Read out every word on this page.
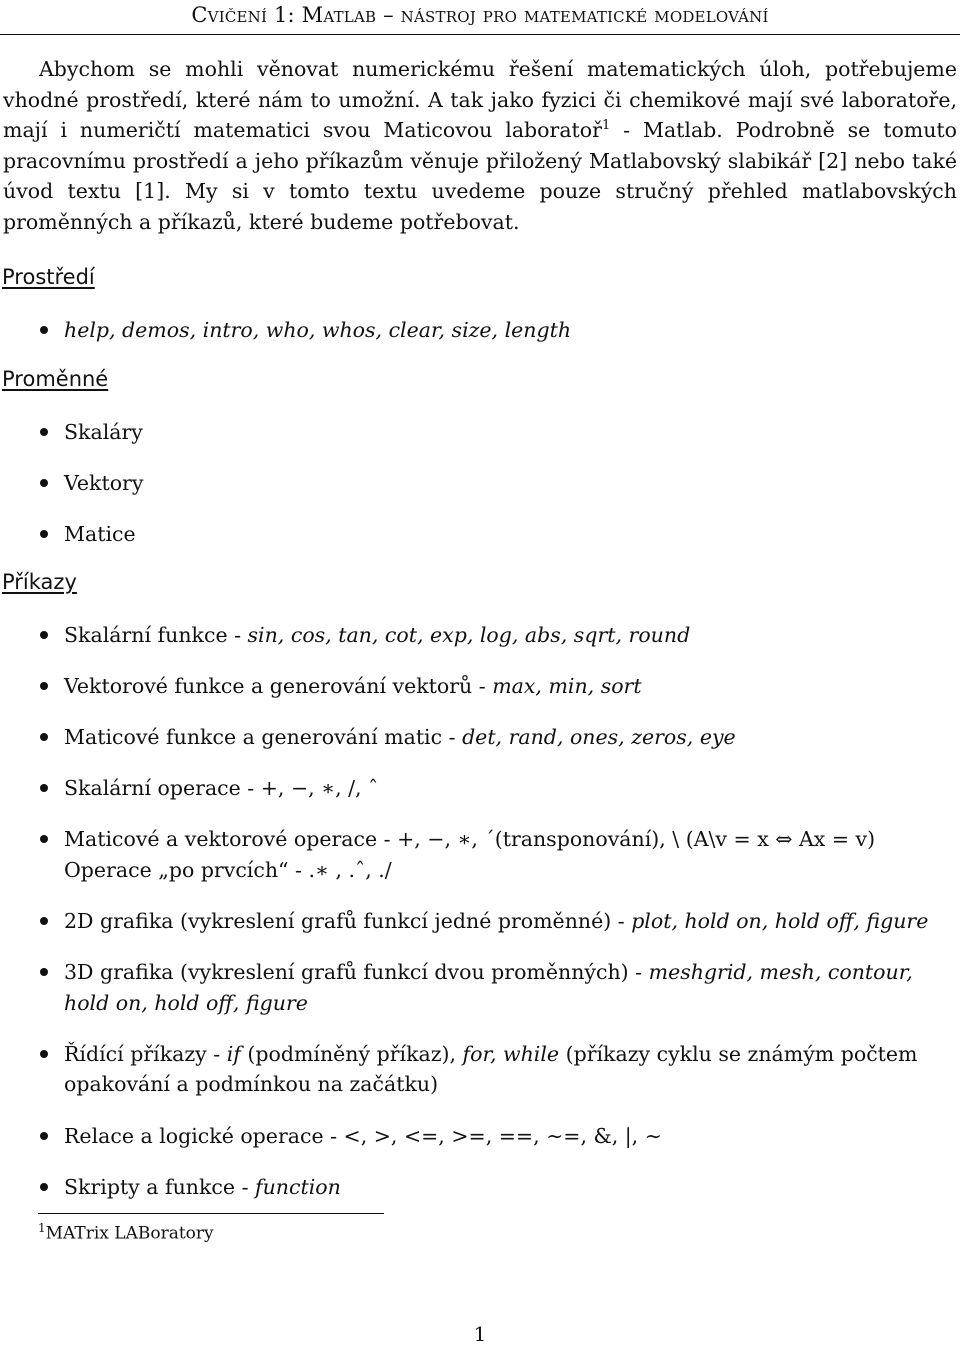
Cvičení 1: Matlab – nástroj pro matematické modelování

Abychom se mohli věnovat numerickému řešení matematických úloh, potřebujeme vhodné prostředí, které nám to umožní. A tak jako fyzici či chemikové mají své laboratoře, mají i numeričtí matematici svou Maticovou laboratoř$^1$ - Matlab. Podrobně se tomuto pracovnímu prostředí a jeho příkazům věnuje přiložený Matlabovský slabikář [2] nebo také úvod textu [1]. My si v tomto textu uvedeme pouze stručný přehled matlabovských proměnných a příkazů, které budeme potřebovat.

Prostředí
help, demos, intro, who, whos, clear, size, length
Proměnné
Skaláry
Vektory
Matice
Příkazy
Skalární funkce - sin, cos, tan, cot, exp, log, abs, sqrt, round
Vektorové funkce a generování vektorů - max, min, sort
Maticové funkce a generování matic - det, rand, ones, zeros, eye
Skalární operace - +, −, ∗, /, ˆ
Maticové a vektorové operace - +, −, ∗, ´(transponování), \ (A\v = x ⇔ Ax = v)
Operace „po prvcích“ - .∗ , .ˆ, ./
2D grafika (vykreslení grafů funkcí jedné proměnné) - plot, hold on, hold off, figure
3D grafika (vykreslení grafů funkcí dvou proměnných) - meshgrid, mesh, contour, hold on, hold off, figure
Řídící příkazy - if (podmíněný příkaz), for, while (příkazy cyklu se známým počtem opakování a podmínkou na začátku)
Relace a logické operace - <, >, <=, >=, ==, ∼=, &, |, ∼
Skripty a funkce - function
$^1$MATrix LABoratory
1
